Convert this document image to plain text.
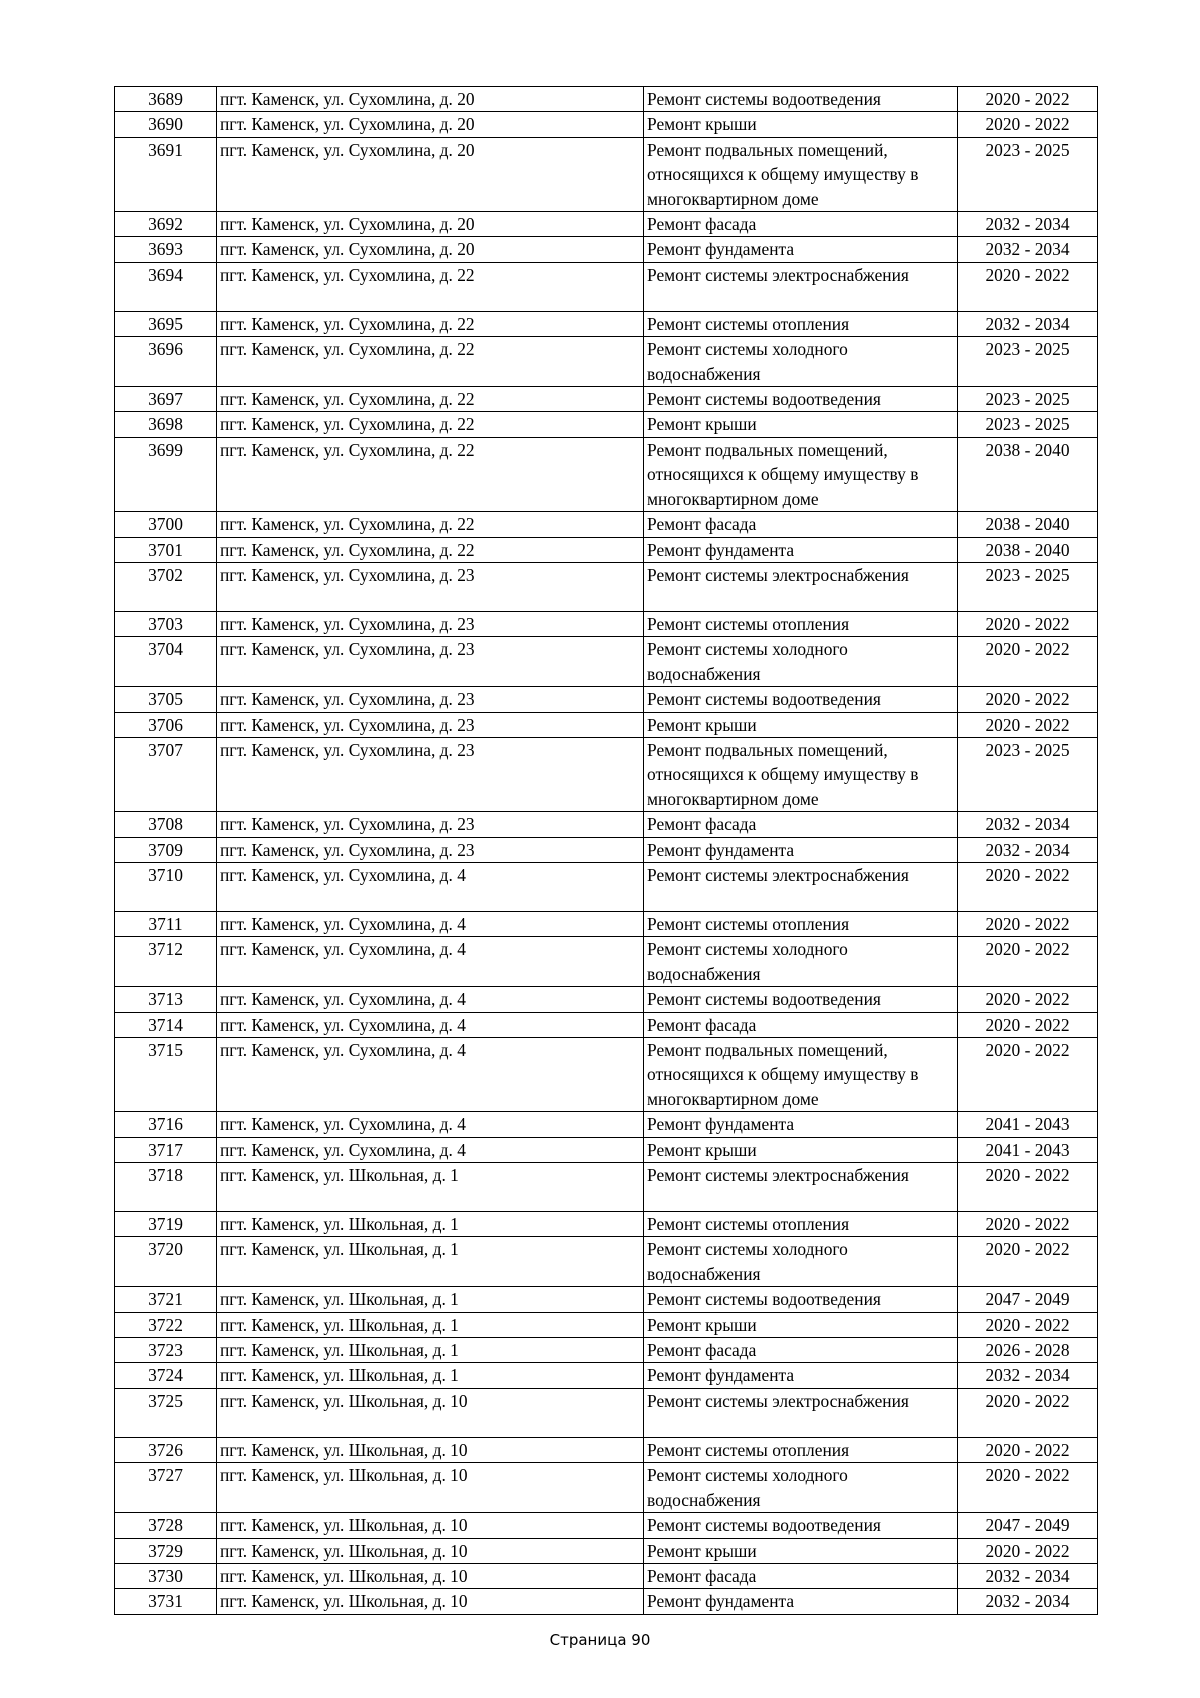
3689	пгт. Каменск, ул. Сухомлина, д. 20	Ремонт системы водоотведения	2020 - 2022
3690	пгт. Каменск, ул. Сухомлина, д. 20	Ремонт крыши	2020 - 2022
3691	пгт. Каменск, ул. Сухомлина, д. 20	Ремонт подвальных помещений, относящихся к общему имуществу в многоквартирном доме	2023 - 2025
3692	пгт. Каменск, ул. Сухомлина, д. 20	Ремонт фасада	2032 - 2034
3693	пгт. Каменск, ул. Сухомлина, д. 20	Ремонт фундамента	2032 - 2034
3694	пгт. Каменск, ул. Сухомлина, д. 22	Ремонт системы электроснабжения	2020 - 2022
3695	пгт. Каменск, ул. Сухомлина, д. 22	Ремонт системы отопления	2032 - 2034
3696	пгт. Каменск, ул. Сухомлина, д. 22	Ремонт системы холодного водоснабжения	2023 - 2025
3697	пгт. Каменск, ул. Сухомлина, д. 22	Ремонт системы водоотведения	2023 - 2025
3698	пгт. Каменск, ул. Сухомлина, д. 22	Ремонт крыши	2023 - 2025
3699	пгт. Каменск, ул. Сухомлина, д. 22	Ремонт подвальных помещений, относящихся к общему имуществу в многоквартирном доме	2038 - 2040
3700	пгт. Каменск, ул. Сухомлина, д. 22	Ремонт фасада	2038 - 2040
3701	пгт. Каменск, ул. Сухомлина, д. 22	Ремонт фундамента	2038 - 2040
3702	пгт. Каменск, ул. Сухомлина, д. 23	Ремонт системы электроснабжения	2023 - 2025
3703	пгт. Каменск, ул. Сухомлина, д. 23	Ремонт системы отопления	2020 - 2022
3704	пгт. Каменск, ул. Сухомлина, д. 23	Ремонт системы холодного водоснабжения	2020 - 2022
3705	пгт. Каменск, ул. Сухомлина, д. 23	Ремонт системы водоотведения	2020 - 2022
3706	пгт. Каменск, ул. Сухомлина, д. 23	Ремонт крыши	2020 - 2022
3707	пгт. Каменск, ул. Сухомлина, д. 23	Ремонт подвальных помещений, относящихся к общему имуществу в многоквартирном доме	2023 - 2025
3708	пгт. Каменск, ул. Сухомлина, д. 23	Ремонт фасада	2032 - 2034
3709	пгт. Каменск, ул. Сухомлина, д. 23	Ремонт фундамента	2032 - 2034
3710	пгт. Каменск, ул. Сухомлина, д. 4	Ремонт системы электроснабжения	2020 - 2022
3711	пгт. Каменск, ул. Сухомлина, д. 4	Ремонт системы отопления	2020 - 2022
3712	пгт. Каменск, ул. Сухомлина, д. 4	Ремонт системы холодного водоснабжения	2020 - 2022
3713	пгт. Каменск, ул. Сухомлина, д. 4	Ремонт системы водоотведения	2020 - 2022
3714	пгт. Каменск, ул. Сухомлина, д. 4	Ремонт фасада	2020 - 2022
3715	пгт. Каменск, ул. Сухомлина, д. 4	Ремонт подвальных помещений, относящихся к общему имуществу в многоквартирном доме	2020 - 2022
3716	пгт. Каменск, ул. Сухомлина, д. 4	Ремонт фундамента	2041 - 2043
3717	пгт. Каменск, ул. Сухомлина, д. 4	Ремонт крыши	2041 - 2043
3718	пгт. Каменск, ул. Школьная, д. 1	Ремонт системы электроснабжения	2020 - 2022
3719	пгт. Каменск, ул. Школьная, д. 1	Ремонт системы отопления	2020 - 2022
3720	пгт. Каменск, ул. Школьная, д. 1	Ремонт системы холодного водоснабжения	2020 - 2022
3721	пгт. Каменск, ул. Школьная, д. 1	Ремонт системы водоотведения	2047 - 2049
3722	пгт. Каменск, ул. Школьная, д. 1	Ремонт крыши	2020 - 2022
3723	пгт. Каменск, ул. Школьная, д. 1	Ремонт фасада	2026 - 2028
3724	пгт. Каменск, ул. Школьная, д. 1	Ремонт фундамента	2032 - 2034
3725	пгт. Каменск, ул. Школьная, д. 10	Ремонт системы электроснабжения	2020 - 2022
3726	пгт. Каменск, ул. Школьная, д. 10	Ремонт системы отопления	2020 - 2022
3727	пгт. Каменск, ул. Школьная, д. 10	Ремонт системы холодного водоснабжения	2020 - 2022
3728	пгт. Каменск, ул. Школьная, д. 10	Ремонт системы водоотведения	2047 - 2049
3729	пгт. Каменск, ул. Школьная, д. 10	Ремонт крыши	2020 - 2022
3730	пгт. Каменск, ул. Школьная, д. 10	Ремонт фасада	2032 - 2034
3731	пгт. Каменск, ул. Школьная, д. 10	Ремонт фундамента	2032 - 2034
Страница 90
